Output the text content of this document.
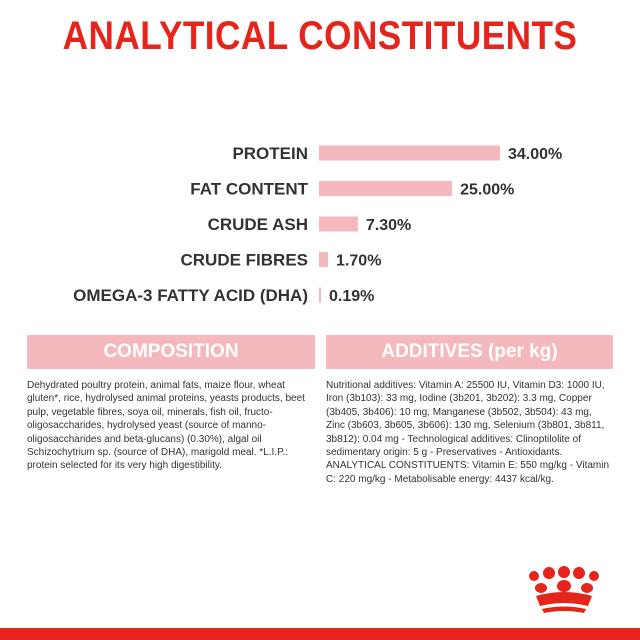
ANALYTICAL CONSTITUENTS
PROTEIN	34.00%
FAT CONTENT	25.00%
CRUDE ASH	7.30%
CRUDE FIBRES 1.70%
OMEGA-3 FATTY ACID (DHA) 0.19%
COMPOSITION	ADDITIVES (per kg)
Dehydrated poultry protein, animal fats, maize flour, wheat gluten*, rice, hydrolysed animal proteins, yeasts products, beet pulp, vegetable fibres, soya oil, minerals, fish oil, fructo-oligosaccharides, hydrolysed yeast (source of manno-oligosaccharides and beta-glucans) (0.30%), algal oil Schizochytrium sp. (source of DHA), marigold meal. *L.I.P.: protein selected for its very high digestibility.
Nutritional additives: Vitamin A: 25500 IU, Vitamin D3: 1000 IU, Iron (3b103): 33 mg, Iodine (3b201, 3b202): 3.3 mg, Copper (3b405, 3b406): 10 mg, Manganese (3b502, 3b504): 43 mg, Zinc (3b603, 3b605, 3b606): 130 mg, Selenium (3b801, 3b811, 3b812): 0.04 mg - Technological additives: Clinoptilolite of sedimentary origin: 5 g - Preservatives - Antioxidants.
ANALYTICAL CONSTITUENTS: Vitamin E: 550 mg/kg - Vitamin C: 220 mg/kg - Metabolisable energy: 4437 kcal/kg.
